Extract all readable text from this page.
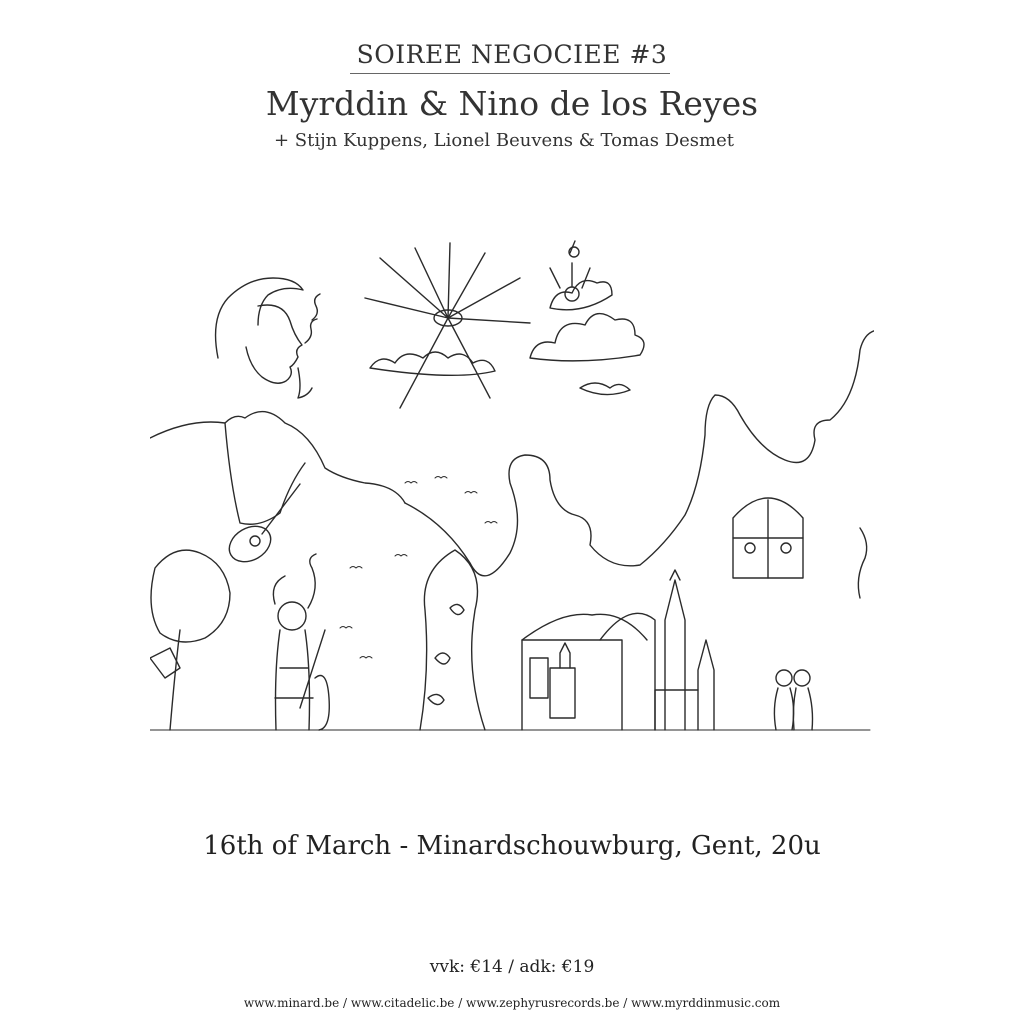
SOIREE NEGOCIEE #3
Myrddin & Nino de los Reyes
+ Stijn Kuppens, Lionel Beuvens & Tomas Desmet
16th of March - Minardschouwburg, Gent, 20u
vvk: €14 / adk: €19
www.minard.be / www.citadelic.be / www.zephyrusrecords.be / www.myrddinmusic.com
